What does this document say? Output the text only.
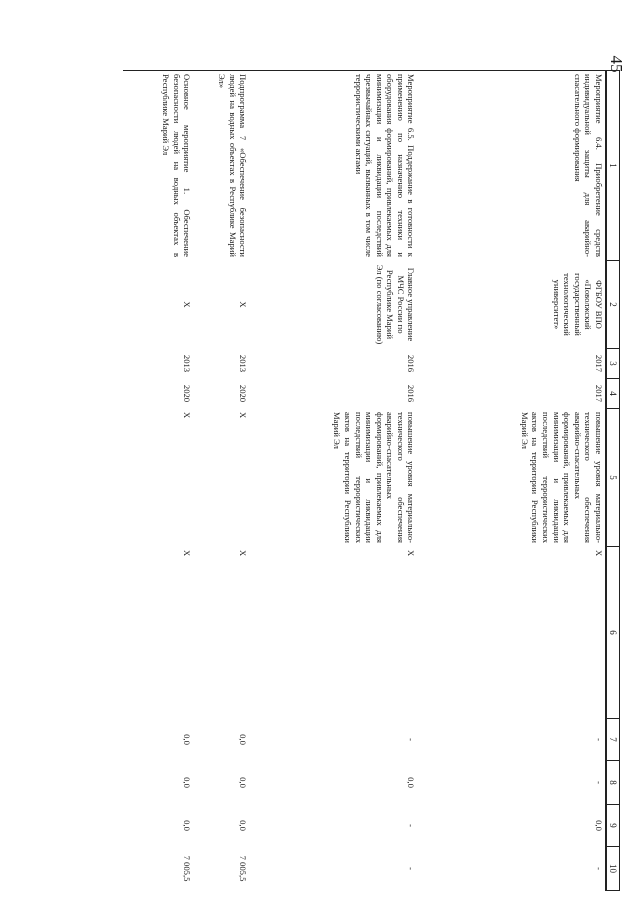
45
1	2	3	4	5	6	7	8	9	10
Мероприятие 6.4. Приобретение средств индивидуальной защиты для аварийно-спасательного формирования	ФГБОУ ВПО «Поволжский государственный технологический университет»	2017	2017	повышение уровня материально-технического обеспечения аварийно-спасательных формирований, привлекаемых для минимизации и ликвидации последствий террористических актов на территории Республики Марий Эл	Х	-	-	0,0	-
Мероприятие 6.5. Поддержание в готовности к применению по назначению техники и оборудования формирований, привлекаемых для минимизации и ликвидации последствий чрезвычайных ситуаций, вызванных в том числе террористическими актами	Главное управление МЧС России по Республике Марий Эл (по согласованию)	2016	2016	повышение уровня материально-технического обеспечения аварийно-спасательных формирований, привлекаемых для минимизации и ликвидации последствий террористических актов на территории Республики Марий Эл	Х	-	0,0	-	-
Подпрограмма 7 «Обеспечение безопасности людей на водных объектах в Республике Марий Эл»	Х	2013	2020	Х	Х	0,0	0,0	0,0	7 005,5
Основное мероприятие 1. Обеспечение безопасности людей на водных объектах в Республике Марий Эл	Х	2013	2020	Х	Х	0,0	0,0	0,0	7 005,5
